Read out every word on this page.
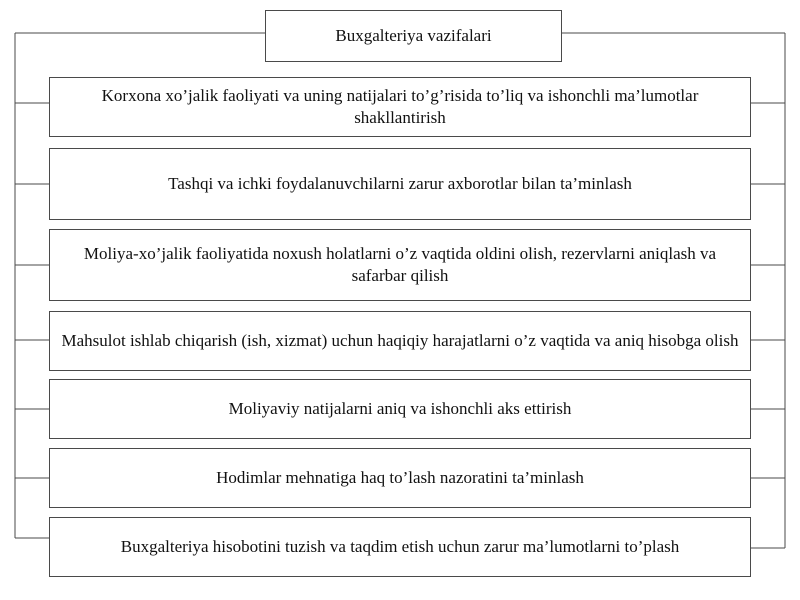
Buxgalteriya vazifalari
Korxona xo’jalik faoliyati va uning natijalari to’g’risida to’liq va ishonchli ma’lumotlar shakllantirish
Tashqi va ichki foydalanuvchilarni zarur axborotlar bilan ta’minlash
Moliya-xo’jalik faoliyatida noxush holatlarni o’z vaqtida oldini olish, rezervlarni aniqlash va safarbar qilish
Mahsulot ishlab chiqarish (ish, xizmat) uchun haqiqiy harajatlarni o’z vaqtida va aniq hisobga olish
Moliyaviy natijalarni aniq va ishonchli aks ettirish
Hodimlar mehnatiga haq to’lash nazoratini ta’minlash
Buxgalteriya hisobotini tuzish va taqdim etish uchun zarur ma’lumotlarni to’plash
